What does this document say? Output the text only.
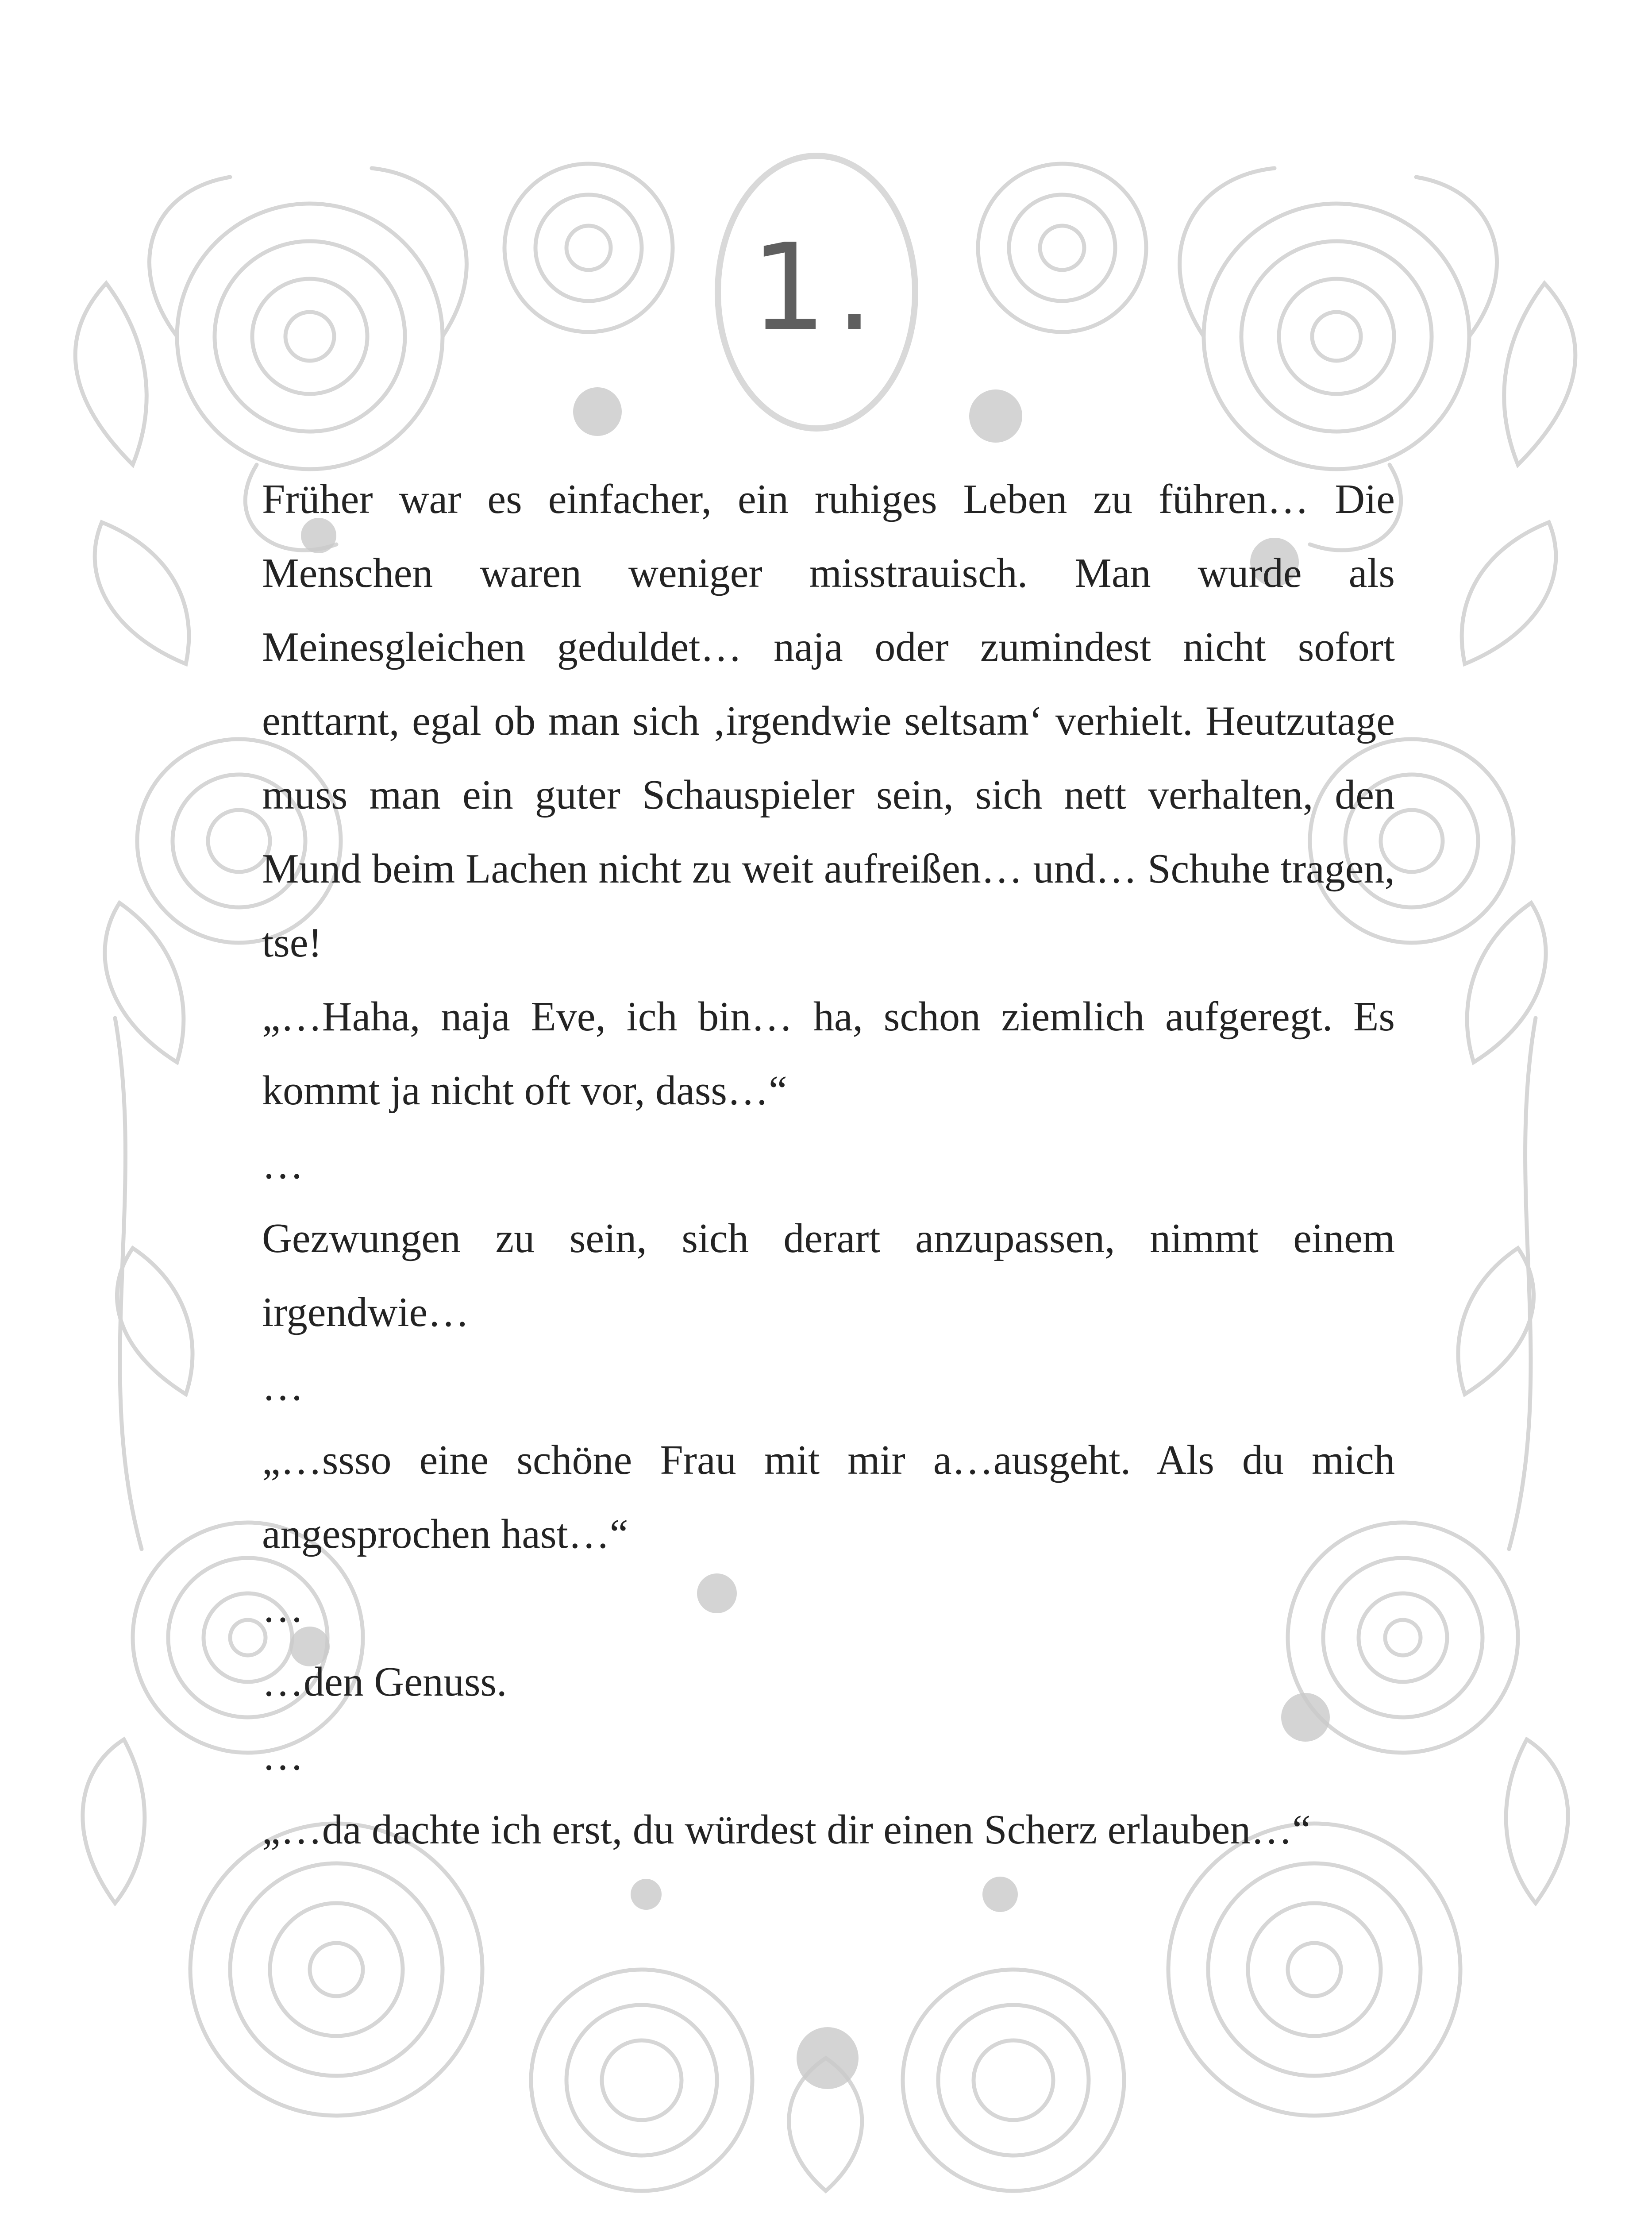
1.

Früher war es einfacher, ein ruhiges Leben zu führen… Die Menschen waren weniger misstrauisch. Man wurde als Meinesgleichen geduldet… naja oder zumindest nicht sofort enttarnt, egal ob man sich ‚irgendwie seltsam‘ verhielt. Heutzutage muss man ein guter Schauspieler sein, sich nett verhalten, den Mund beim Lachen nicht zu weit aufreißen… und… Schuhe tragen, tse!

„…Haha, naja Eve, ich bin… ha, schon ziemlich aufgeregt. Es kommt ja nicht oft vor, dass…“

…

Gezwungen zu sein, sich derart anzupassen, nimmt einem irgendwie…

…

„…ssso eine schöne Frau mit mir a…ausgeht. Als du mich angesprochen hast…“

…

…den Genuss.

…

„…da dachte ich erst, du würdest dir einen Scherz erlauben…“
